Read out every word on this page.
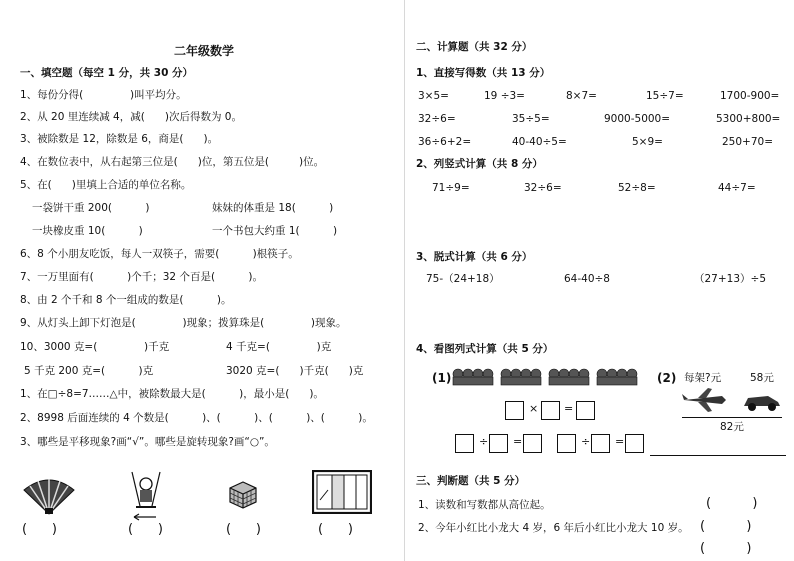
二年级数学
一、填空题（每空 1 分，共 30 分）
1、每份分得(              )叫平均分。
2、从 20 里连续减 4，减(      )次后得数为 0。
3、被除数是 12，除数是 6，商是(      )。
4、在数位表中，从右起第三位是(      )位，第五位是(         )位。
5、在(      )里填上合适的单位名称。
一袋饼干重 200(          )	妹妹的体重是 18(          )
一块橡皮重 10(          )	一个书包大约重 1(          )
6、8 个小朋友吃饭，每人一双筷子，需要(          )根筷子。
7、一万里面有(          )个千；32 个百是(          )。
8、由 2 个千和 8 个一组成的数是(          )。
9、从灯头上卸下灯泡是(              )现象；拨算珠是(              )现象。
10、3000 克=(              )千克	4 千克=(              )克
5 千克 200 克=(          )克	3020 克=(      )千克(      )克
1、在□÷8=7……△中，被除数最大是(          )，最小是(      )。
2、8998 后面连续的 4 个数是(          )、(          )、(          )、(          )。
3、哪些是平移现象?画“√”。哪些是旋转现象?画“○”。
(      )	(      )	(      )	(      )
二、计算题（共 32 分）
1、直接写得数（共 13 分）
3×5=	19 ÷3=	8×7=	15÷7=	1700-900=
32÷6=	35÷5=	9000-5000=	5300+800=
36÷6+2=	40-40÷5=	5×9=	250+70=
2、列竖式计算（共 8 分）
71÷9=	32÷6=	52÷8=	44÷7=
3、脱式计算（共 6 分）
75-（24+18）	64-40÷8	（27+13）÷5
4、看图列式计算（共 5 分）
(1)	(2) 每架?元	58元
82元
× =
÷ =	÷ =
三、判断题（共 5 分）
1、读数和写数都从高位起。	(          )
2、今年小红比小龙大 4 岁，6 年后小红比小龙大 10 岁。 (          )
(          )
